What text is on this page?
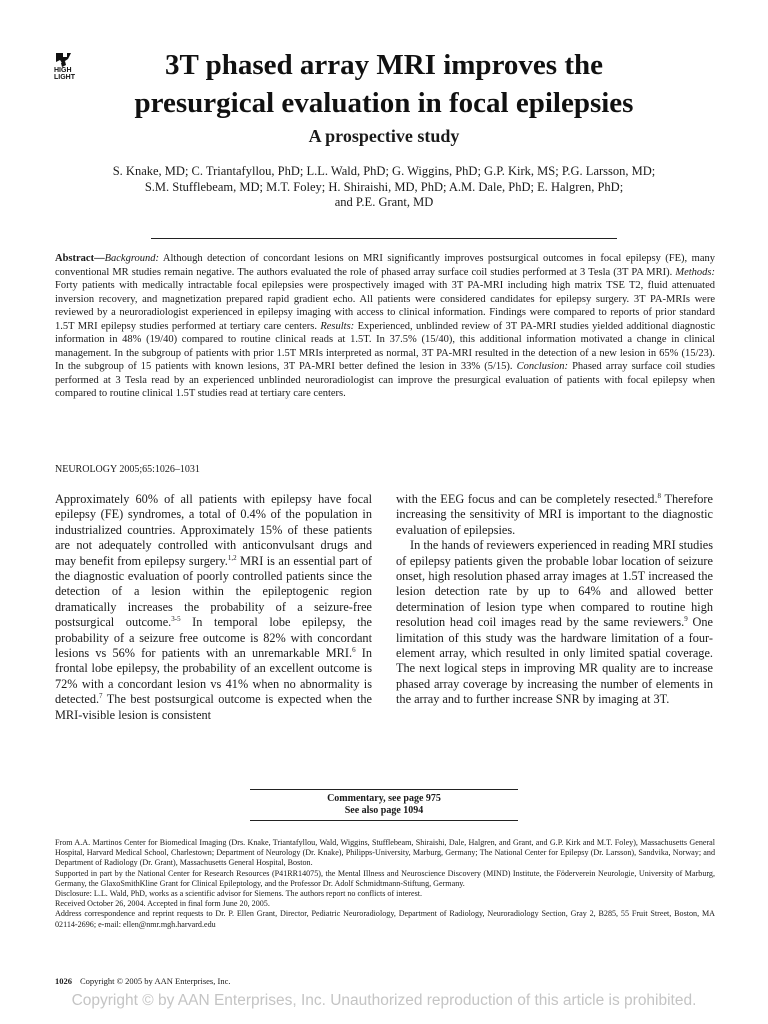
HIGH
LIGHT	3T phased array MRI improves the
presurgical evaluation in focal epilepsies
A prospective study
S. Knake, MD; C. Triantafyllou, PhD; L.L. Wald, PhD; G. Wiggins, PhD; G.P. Kirk, MS; P.G. Larsson, MD;
S.M. Stufflebeam, MD; M.T. Foley; H. Shiraishi, MD, PhD; A.M. Dale, PhD; E. Halgren, PhD;
and P.E. Grant, MD

Abstract—Background: Although detection of concordant lesions on MRI significantly improves postsurgical outcomes in focal epilepsy (FE), many conventional MR studies remain negative. The authors evaluated the role of phased array surface coil studies performed at 3 Tesla (3T PA MRI). Methods: Forty patients with medically intractable focal epilepsies were prospectively imaged with 3T PA-MRI including high matrix TSE T2, fluid attenuated inversion recovery, and magnetization prepared rapid gradient echo. All patients were considered candidates for epilepsy surgery. 3T PA-MRIs were reviewed by a neuroradiologist experienced in epilepsy imaging with access to clinical information. Findings were compared to reports of prior standard 1.5T MRI epilepsy studies performed at tertiary care centers. Results: Experienced, unblinded review of 3T PA-MRI studies yielded additional diagnostic information in 48% (19/40) compared to routine clinical reads at 1.5T. In 37.5% (15/40), this additional information motivated a change in clinical management. In the subgroup of patients with prior 1.5T MRIs interpreted as normal, 3T PA-MRI resulted in the detection of a new lesion in 65% (15/23). In the subgroup of 15 patients with known lesions, 3T PA-MRI better defined the lesion in 33% (5/15). Conclusion: Phased array surface coil studies performed at 3 Tesla read by an experienced unblinded neuroradiologist can improve the presurgical evaluation of patients with focal epilepsy when compared to routine clinical 1.5T studies read at tertiary care centers.

NEUROLOGY 2005;65:1026–1031

Approximately 60% of all patients with epilepsy have focal epilepsy (FE) syndromes, a total of 0.4% of the population in industrialized countries. Approximately 15% of these patients are not adequately controlled with anticonvulsant drugs and may benefit from epilepsy surgery.$^{1,2}$ MRI is an essential part of the diagnostic evaluation of poorly controlled patients since the detection of a lesion within the epileptogenic region dramatically increases the probability of a seizure-free postsurgical outcome.$^{3-5}$ In temporal lobe epilepsy, the probability of a seizure free outcome is 82% with concordant lesions vs 56% for patients with an unremarkable MRI.$^6$ In frontal lobe epilepsy, the probability of an excellent outcome is 72% with a concordant lesion vs 41% when no abnormality is detected.$^7$ The best postsurgical outcome is expected when the MRI-visible lesion is consistent

with the EEG focus and can be completely resected.$^8$ Therefore increasing the sensitivity of MRI is important to the diagnostic evaluation of epilepsies.

In the hands of reviewers experienced in reading MRI studies of epilepsy patients given the probable lobar location of seizure onset, high resolution phased array images at 1.5T increased the lesion detection rate by up to 64% and allowed better determination of lesion type when compared to routine high resolution head coil images read by the same reviewers.$^9$ One limitation of this study was the hardware limitation of a four-element array, which resulted in only limited spatial coverage. The next logical steps in improving MR quality are to increase phased array coverage by increasing the number of elements in the array and to further increase SNR by imaging at 3T.

Commentary, see page 975
See also page 1094

From A.A. Martinos Center for Biomedical Imaging (Drs. Knake, Triantafyllou, Wald, Wiggins, Stufflebeam, Shiraishi, Dale, Halgren, and Grant, and G.P. Kirk and M.T. Foley), Massachusetts General Hospital, Harvard Medical School, Charlestown; Department of Neurology (Dr. Knake), Philipps-University, Marburg, Germany; The National Center for Epilepsy (Dr. Larsson), Sandvika, Norway; and Department of Radiology (Dr. Grant), Massachusetts General Hospital, Boston.

Supported in part by the National Center for Research Resources (P41RR14075), the Mental Illness and Neuroscience Discovery (MIND) Institute, the Föderverein Neurologie, University of Marburg, Germany, the GlaxoSmithKline Grant for Clinical Epileptology, and the Professor Dr. Adolf Schmidtmann-Stiftung, Germany.

Disclosure: L.L. Wald, PhD, works as a scientific advisor for Siemens. The authors report no conflicts of interest.

Received October 26, 2004. Accepted in final form June 20, 2005.

Address correspondence and reprint requests to Dr. P. Ellen Grant, Director, Pediatric Neuroradiology, Department of Radiology, Neuroradiology Section, Gray 2, B285, 55 Fruit Street, Boston, MA 02114-2696; e-mail: ellen@nmr.mgh.harvard.edu

1026 Copyright © 2005 by AAN Enterprises, Inc.
Copyright © by AAN Enterprises, Inc. Unauthorized reproduction of this article is prohibited.
